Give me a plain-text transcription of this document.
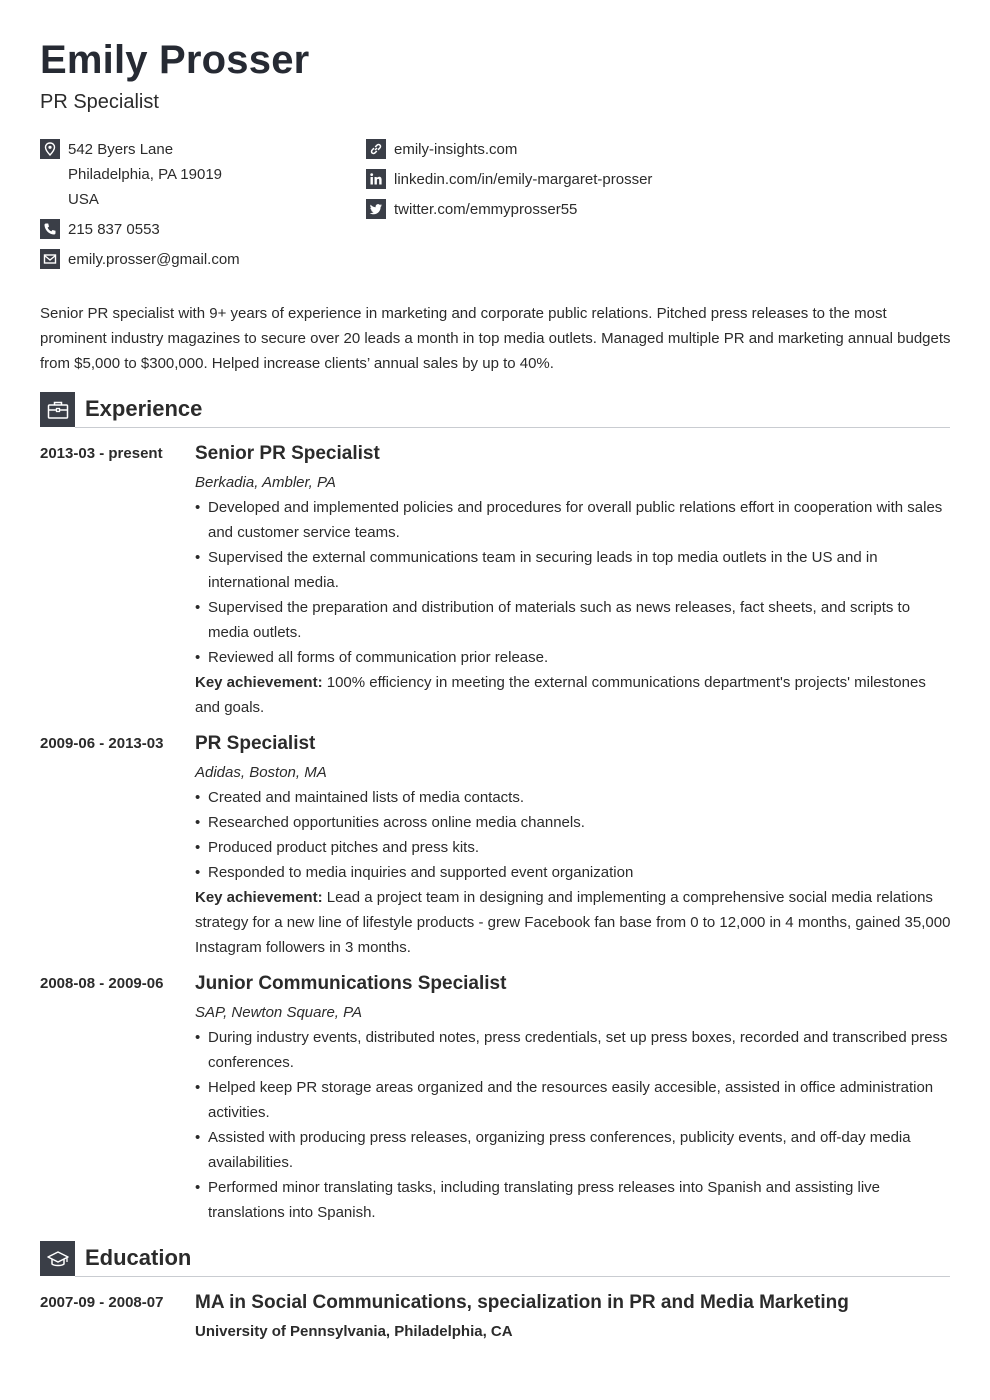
Emily Prosser
PR Specialist
542 Byers Lane
Philadelphia, PA 19019
USA
215 837 0553
emily.prosser@gmail.com
emily-insights.com
linkedin.com/in/emily-margaret-prosser
twitter.com/emmyprosser55
Senior PR specialist with 9+ years of experience in marketing and corporate public relations. Pitched press releases to the most prominent industry magazines to secure over 20 leads a month in top media outlets. Managed multiple PR and marketing annual budgets from $5,000 to $300,000. Helped increase clients’ annual sales by up to 40%.
Experience
2013-03 - present	Senior PR Specialist
Berkadia, Ambler, PA
• Developed and implemented policies and procedures for overall public relations effort in cooperation with sales and customer service teams.
• Supervised the external communications team in securing leads in top media outlets in the US and in international media.
• Supervised the preparation and distribution of materials such as news releases, fact sheets, and scripts to media outlets.
• Reviewed all forms of communication prior release.
Key achievement: 100% efficiency in meeting the external communications department's projects' milestones and goals.
2009-06 - 2013-03	PR Specialist
Adidas, Boston, MA
• Created and maintained lists of media contacts.
• Researched opportunities across online media channels.
• Produced product pitches and press kits.
• Responded to media inquiries and supported event organization
Key achievement: Lead a project team in designing and implementing a comprehensive social media relations strategy for a new line of lifestyle products - grew Facebook fan base from 0 to 12,000 in 4 months, gained 35,000 Instagram followers in 3 months.
2008-08 - 2009-06	Junior Communications Specialist
SAP, Newton Square, PA
• During industry events, distributed notes, press credentials, set up press boxes, recorded and transcribed press conferences.
• Helped keep PR storage areas organized and the resources easily accesible, assisted in office administration activities.
• Assisted with producing press releases, organizing press conferences, publicity events, and off-day media availabilities.
• Performed minor translating tasks, including translating press releases into Spanish and assisting live translations into Spanish.
Education
2007-09 - 2008-07	MA in Social Communications, specialization in PR and Media Marketing
University of Pennsylvania, Philadelphia, CA
